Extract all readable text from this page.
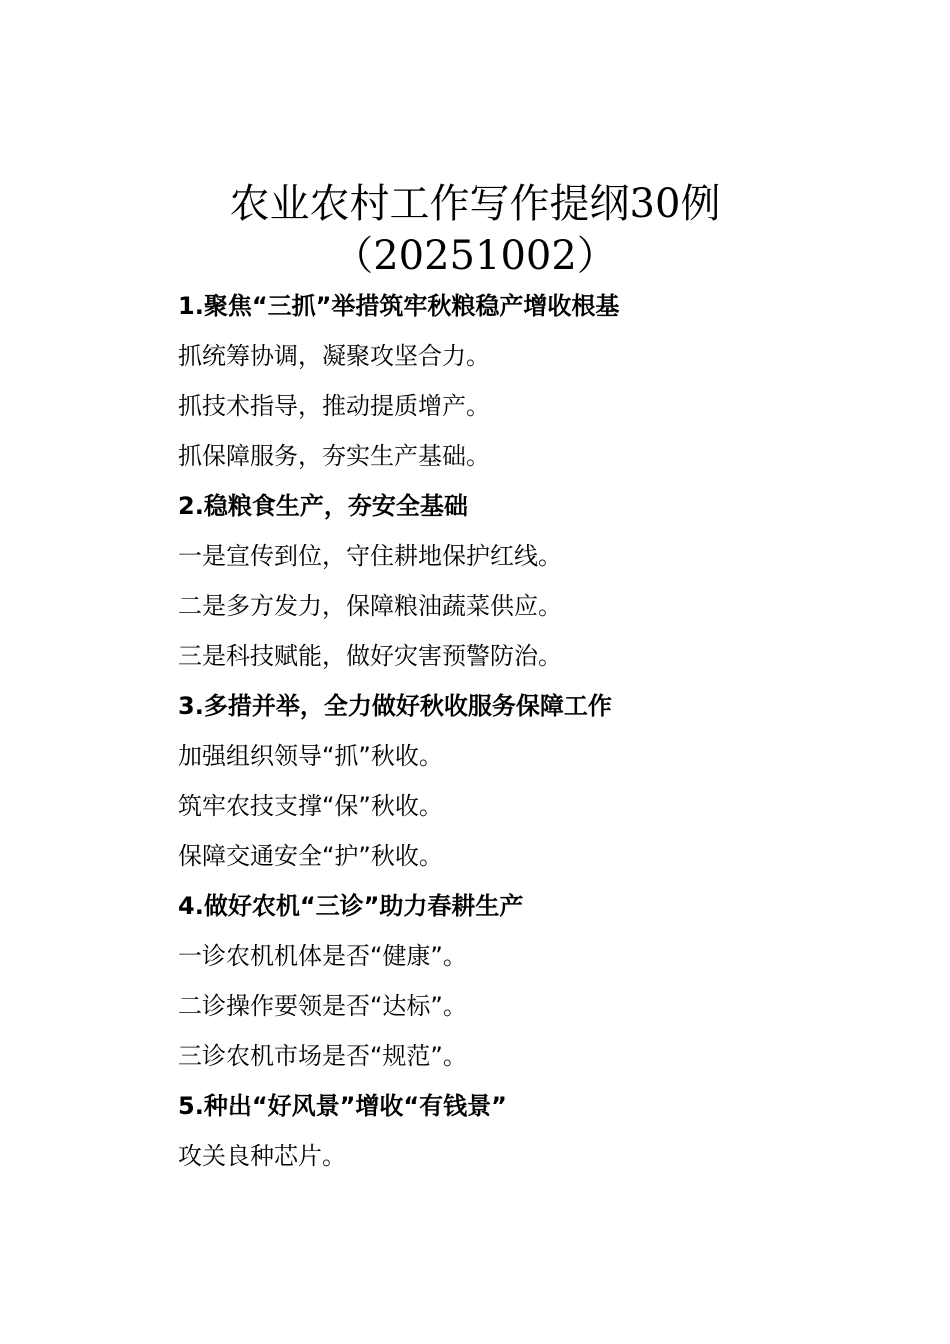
农业农村工作写作提纲30例
（20251002）
1.聚焦“三抓”举措筑牢秋粮稳产增收根基
抓统筹协调，凝聚攻坚合力。
抓技术指导，推动提质增产。
抓保障服务，夯实生产基础。
2.稳粮食生产，夯安全基础
一是宣传到位，守住耕地保护红线。
二是多方发力，保障粮油蔬菜供应。
三是科技赋能，做好灾害预警防治。
3.多措并举，全力做好秋收服务保障工作
加强组织领导“抓”秋收。
筑牢农技支撑“保”秋收。
保障交通安全“护”秋收。
4.做好农机“三诊”助力春耕生产
一诊农机机体是否“健康”。
二诊操作要领是否“达标”。
三诊农机市场是否“规范”。
5.种出“好风景”增收“有钱景”
攻关良种芯片。
